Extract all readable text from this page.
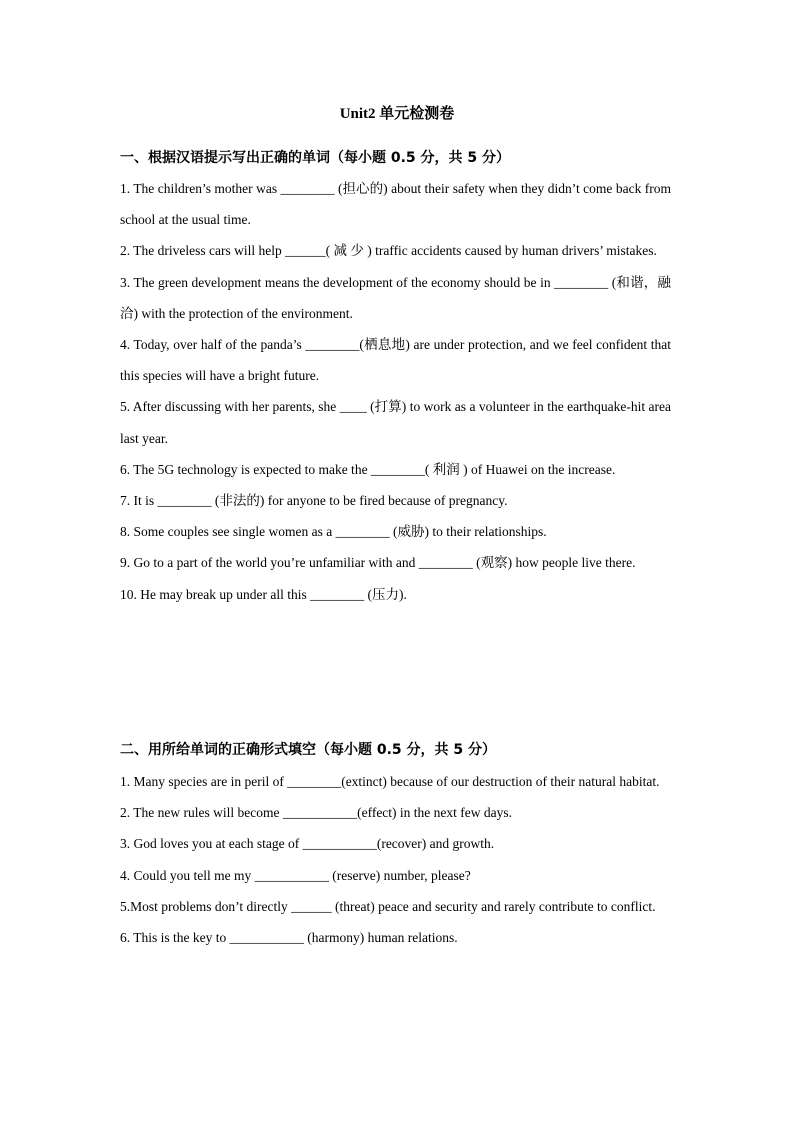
Unit2 单元检测卷
一、根据汉语提示写出正确的单词（每小题 0.5 分，共 5 分）
1. The children’s mother was ________ (担心的) about their safety when they didn’t come back from school at the usual time.
2. The driveless cars will help ______( 减 少 ) traffic accidents caused by human drivers’ mistakes.
3. The green development means the development of the economy should be in ________ (和谐，融洽) with the protection of the environment.
4. Today, over half of the panda’s ________(栖息地) are under protection, and we feel confident that this species will have a bright future.
5. After discussing with her parents, she ____ (打算) to work as a volunteer in the earthquake-hit area last year.
6. The 5G technology is expected to make the ________( 利润 ) of Huawei on the increase.
7. It is ________ (非法的) for anyone to be fired because of pregnancy.
8. Some couples see single women as a ________ (威胁) to their relationships.
9. Go to a part of the world you’re unfamiliar with and ________ (观察) how people live there.
10. He may break up under all this ________ (压力).
二、用所给单词的正确形式填空（每小题 0.5 分，共 5 分）
1. Many species are in peril of ________(extinct) because of our destruction of their natural habitat.
2. The new rules will become ___________(effect) in the next few days.
3. God loves you at each stage of ___________(recover) and growth.
4. Could you tell me my ___________ (reserve) number, please?
5.Most problems don’t directly ______ (threat) peace and security and rarely contribute to conflict.
6. This is the key to ___________ (harmony) human relations.
